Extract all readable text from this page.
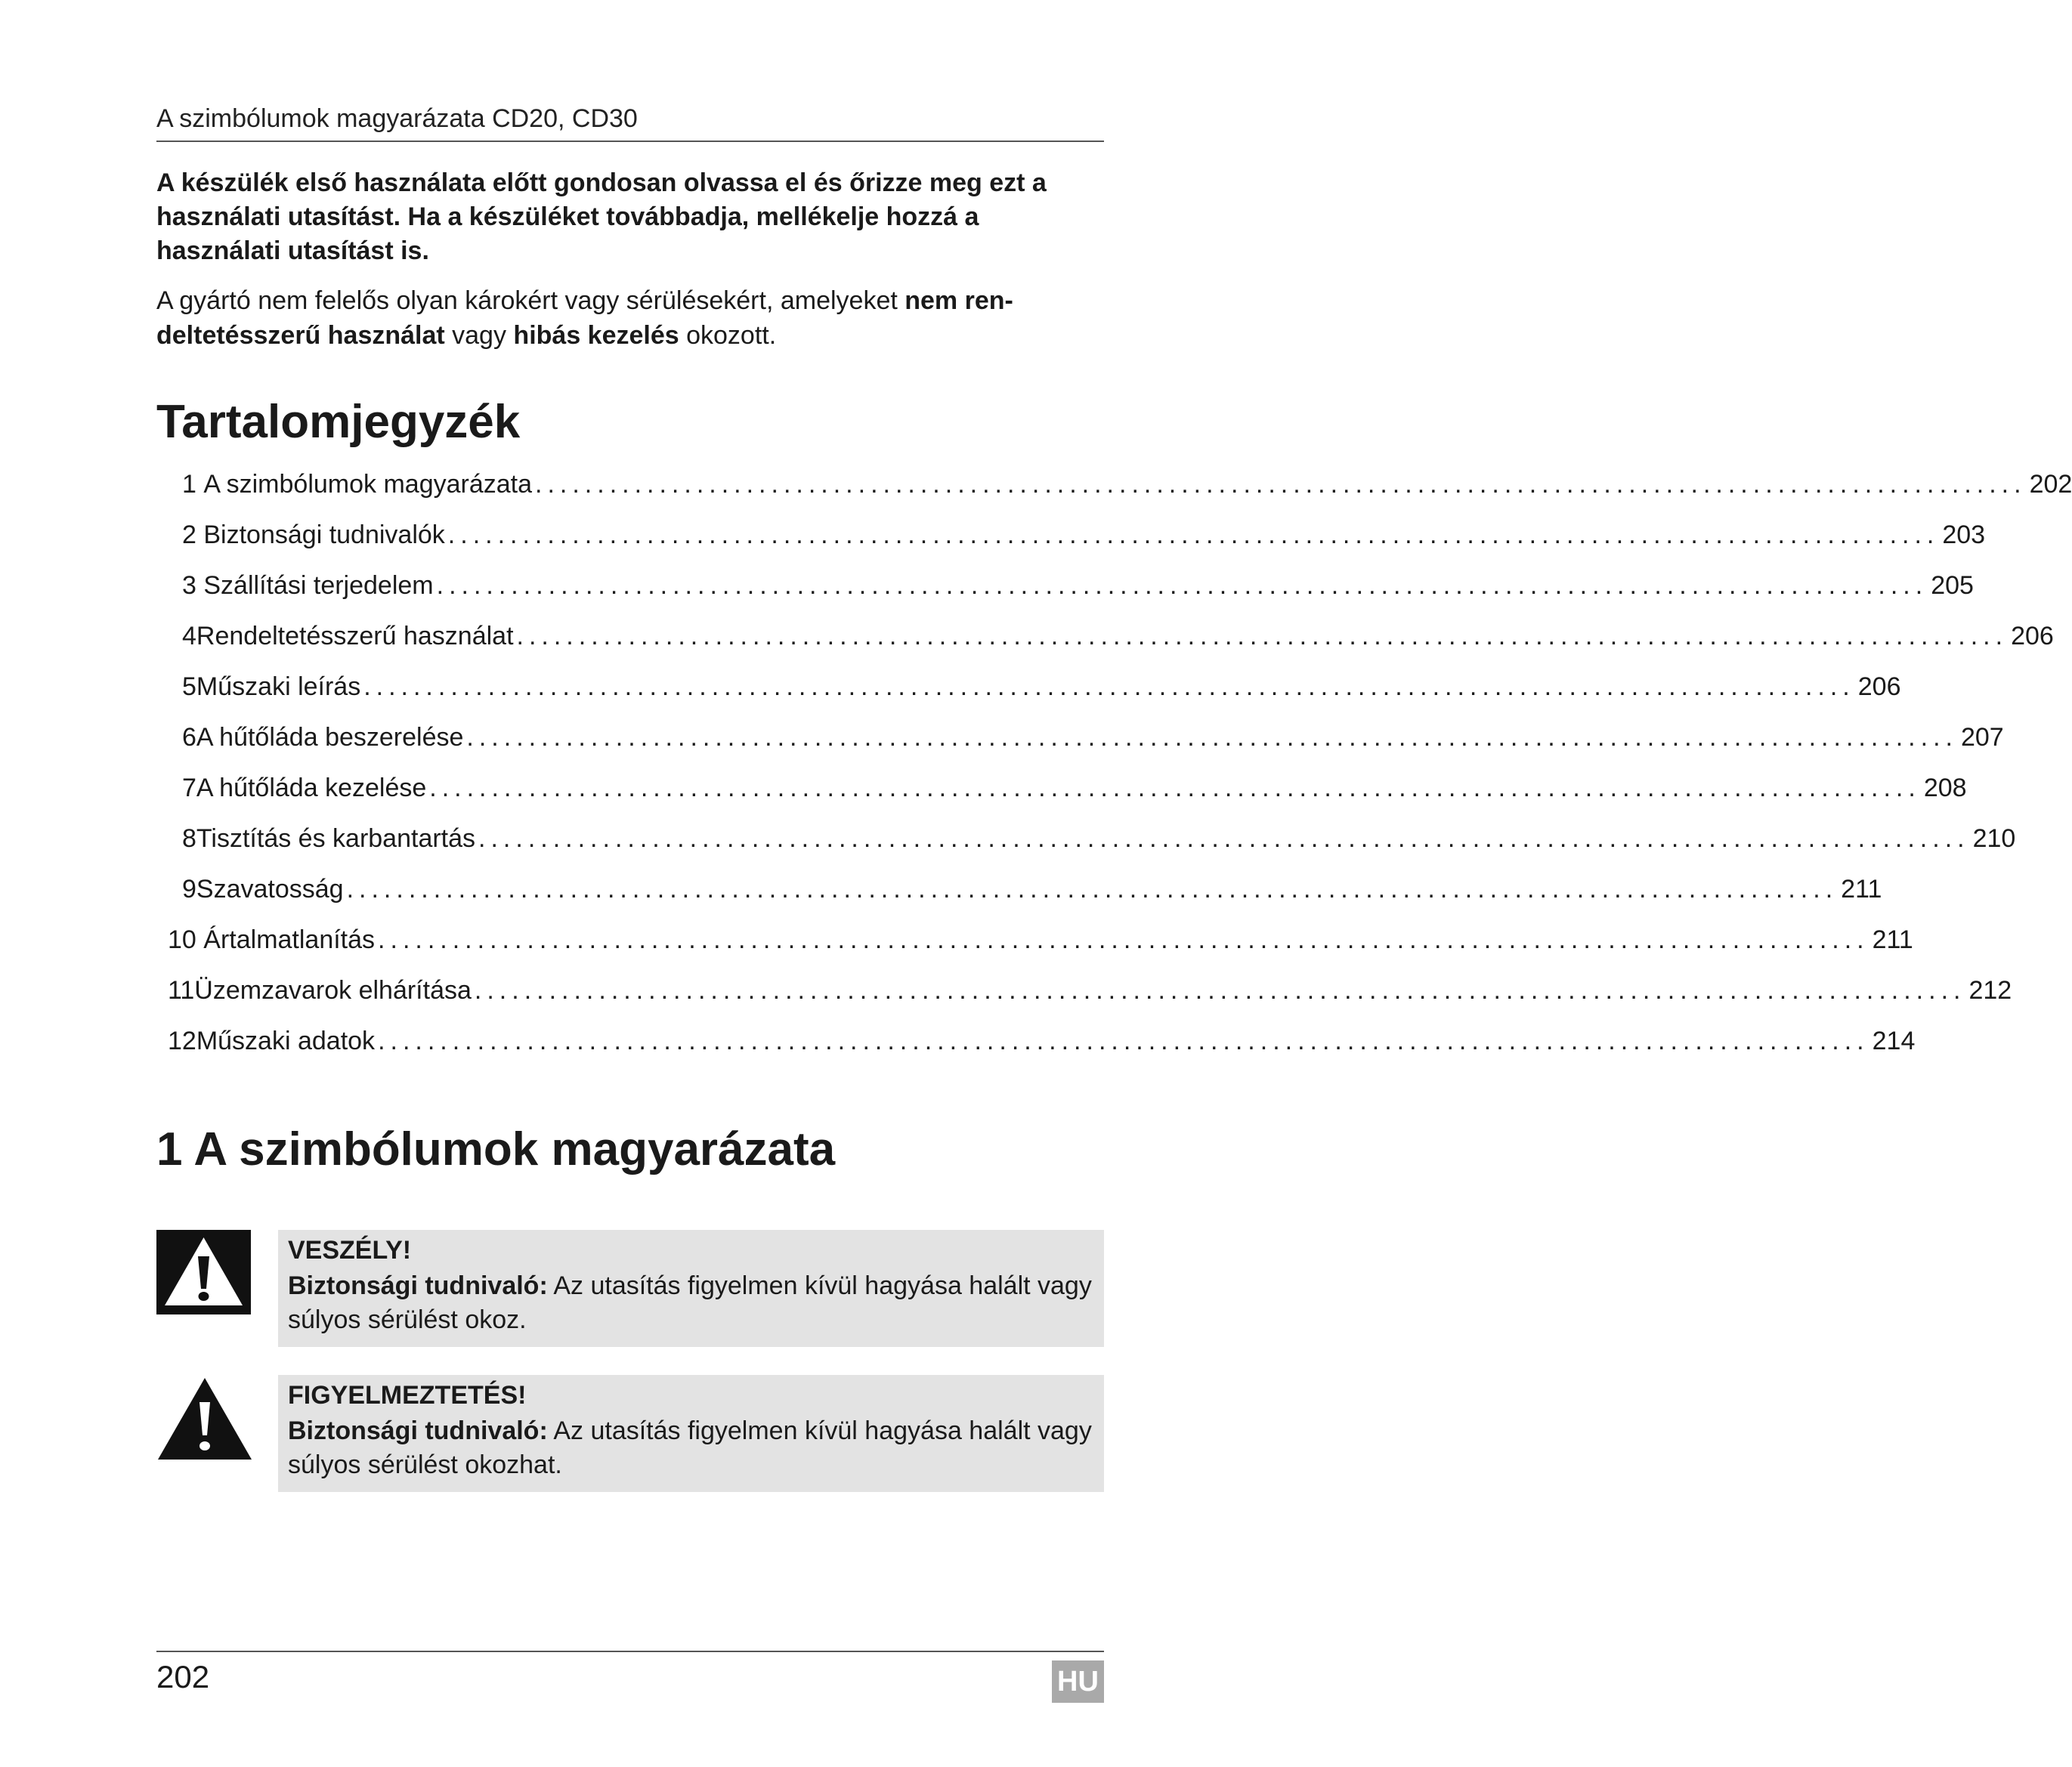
A szimbólumok magyarázata CD20, CD30
A készülék első használata előtt gondosan olvassa el és őrizze meg ezt a használati utasítást. Ha a készüléket továbbadja, mellékelje hozzá a használati utasítást is.
A gyártó nem felelős olyan károkért vagy sérülésekért, amelyeket nem ren-deltetésszerű használat vagy hibás kezelés okozott.
Tartalomjegyzék
1
A szimbólumok magyarázata ........................................................................................................................ 202
2
Biztonsági tudnivalók ........................................................................................................................ 203
3
Szállítási terjedelem ........................................................................................................................ 205
4 Rendeltetésszerű használat ........................................................................................................................ 206
5 Műszaki leírás ........................................................................................................................ 206
6 A hűtőláda beszerelése ........................................................................................................................ 207
7 A hűtőláda kezelése ........................................................................................................................ 208
8 Tisztítás és karbantartás ........................................................................................................................ 210
9 Szavatosság ........................................................................................................................ 211
10
Ártalmatlanítás ........................................................................................................................ 211
11 Üzemzavarok elhárítása ........................................................................................................................ 212
12 Műszaki adatok ........................................................................................................................ 214
1 A szimbólumok magyarázata
VESZÉLY!
Biztonsági tudnivaló: Az utasítás figyelmen kívül hagyása halált vagy súlyos sérülést okoz.
FIGYELMEZTETÉS!
Biztonsági tudnivaló: Az utasítás figyelmen kívül hagyása halált vagy súlyos sérülést okozhat.
202	HU
